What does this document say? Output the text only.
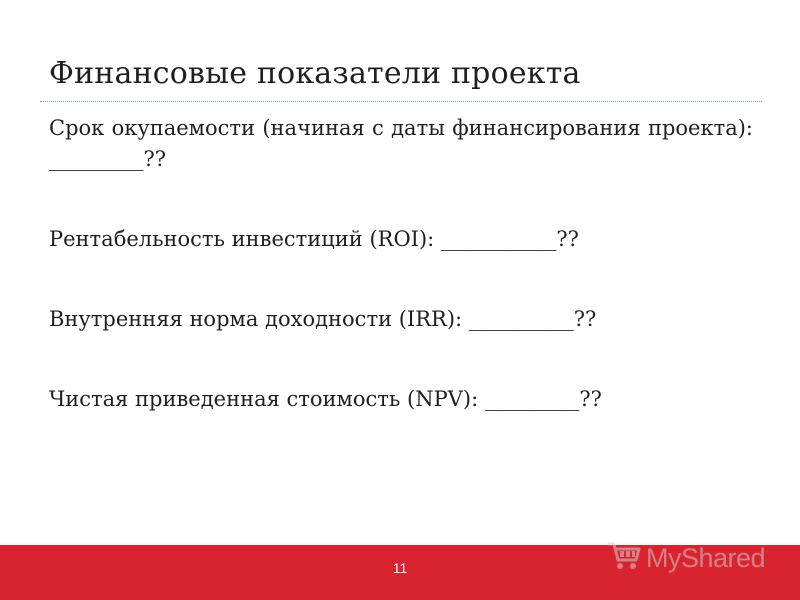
Финансовые показатели проекта

Срок окупаемости (начиная с даты финансирования проекта): _________??

Рентабельность инвестиций (ROI): ___________??

Внутренняя норма доходности (IRR): __________??

Чистая приведенная стоимость (NPV): _________??

11	MyShared
